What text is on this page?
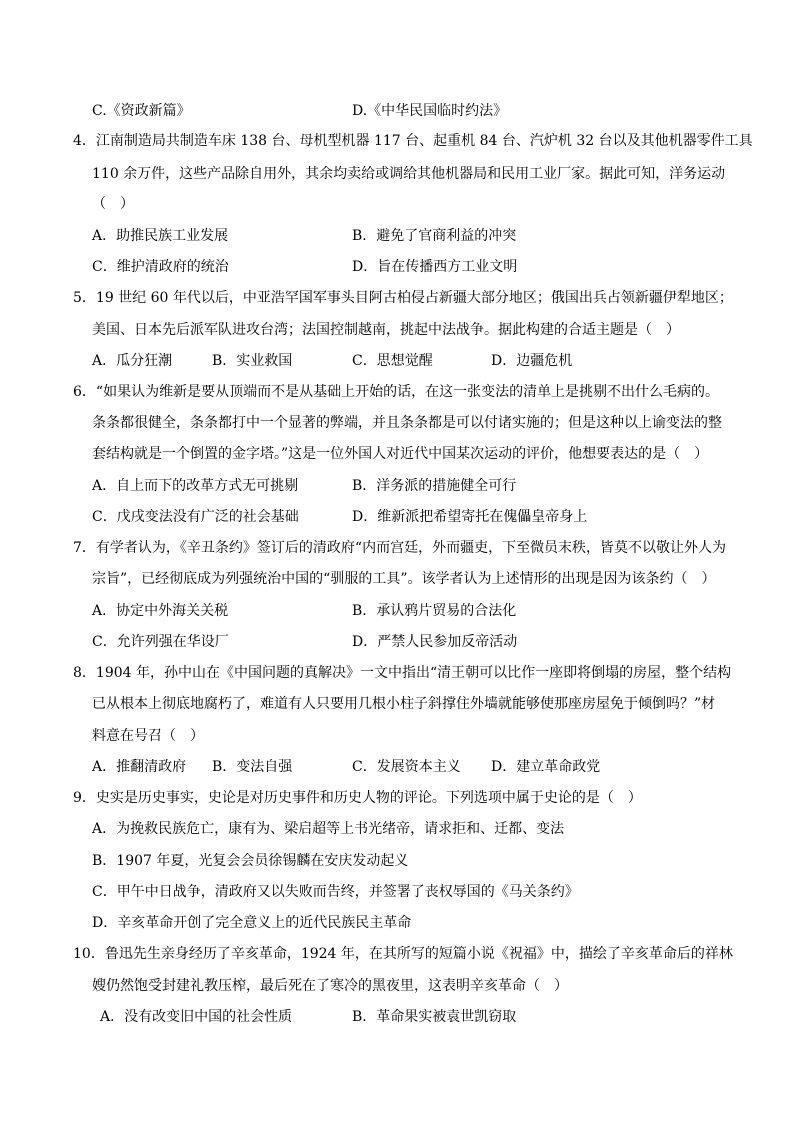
C.《资政新篇》	D.《中华民国临时约法》
4．江南制造局共制造车床 138 台、母机型机器 117 台、起重机 84 台、汽炉机 32 台以及其他机器零件工具
110 余万件，这些产品除自用外，其余均卖给或调给其他机器局和民用工业厂家。据此可知，洋务运动
（　）
A．助推民族工业发展	B．避免了官商利益的冲突
C．维护清政府的统治	D．旨在传播西方工业文明
5．19 世纪 60 年代以后，中亚浩罕国军事头目阿古柏侵占新疆大部分地区；俄国出兵占领新疆伊犁地区；
美国、日本先后派军队进攻台湾；法国控制越南，挑起中法战争。据此构建的合适主题是（　）
A．瓜分狂潮	B．实业救国	C．思想觉醒	D．边疆危机
6．“如果认为维新是要从顶端而不是从基础上开始的话，在这一张变法的清单上是挑剔不出什么毛病的。
条条都很健全，条条都打中一个显著的弊端，并且条条都是可以付诸实施的；但是这种以上谕变法的整
套结构就是一个倒置的金字塔。”这是一位外国人对近代中国某次运动的评价，他想要表达的是（　）
A．自上而下的改革方式无可挑剔	B．洋务派的措施健全可行
C．戊戌变法没有广泛的社会基础	D．维新派把希望寄托在傀儡皇帝身上
7．有学者认为，《辛丑条约》签订后的清政府“内而宫廷，外而疆吏，下至微员末秩，皆莫不以敬让外人为
宗旨”，已经彻底成为列强统治中国的“驯服的工具”。该学者认为上述情形的出现是因为该条约（　）
A．协定中外海关关税	B．承认鸦片贸易的合法化
C．允许列强在华设厂	D．严禁人民参加反帝活动
8．1904 年，孙中山在《中国问题的真解决》一文中指出“清王朝可以比作一座即将倒塌的房屋，整个结构
已从根本上彻底地腐朽了，难道有人只要用几根小柱子斜撑住外墙就能够使那座房屋免于倾倒吗？”材
料意在号召（　）
A．推翻清政府 B．变法自强	C．发展资本主义 D．建立革命政党
9．史实是历史事实，史论是对历史事件和历史人物的评论。下列选项中属于史论的是（　）
A．为挽救民族危亡，康有为、梁启超等上书光绪帝，请求拒和、迁都、变法
B．1907 年夏，光复会会员徐锡麟在安庆发动起义
C．甲午中日战争，清政府又以失败而告终，并签署了丧权辱国的《马关条约》
D．辛亥革命开创了完全意义上的近代民族民主革命
10．鲁迅先生亲身经历了辛亥革命，1924 年，在其所写的短篇小说《祝福》中，描绘了辛亥革命后的祥林
嫂仍然饱受封建礼教压榨，最后死在了寒冷的黑夜里，这表明辛亥革命（　）
A．没有改变旧中国的社会性质	B．革命果实被袁世凯窃取
